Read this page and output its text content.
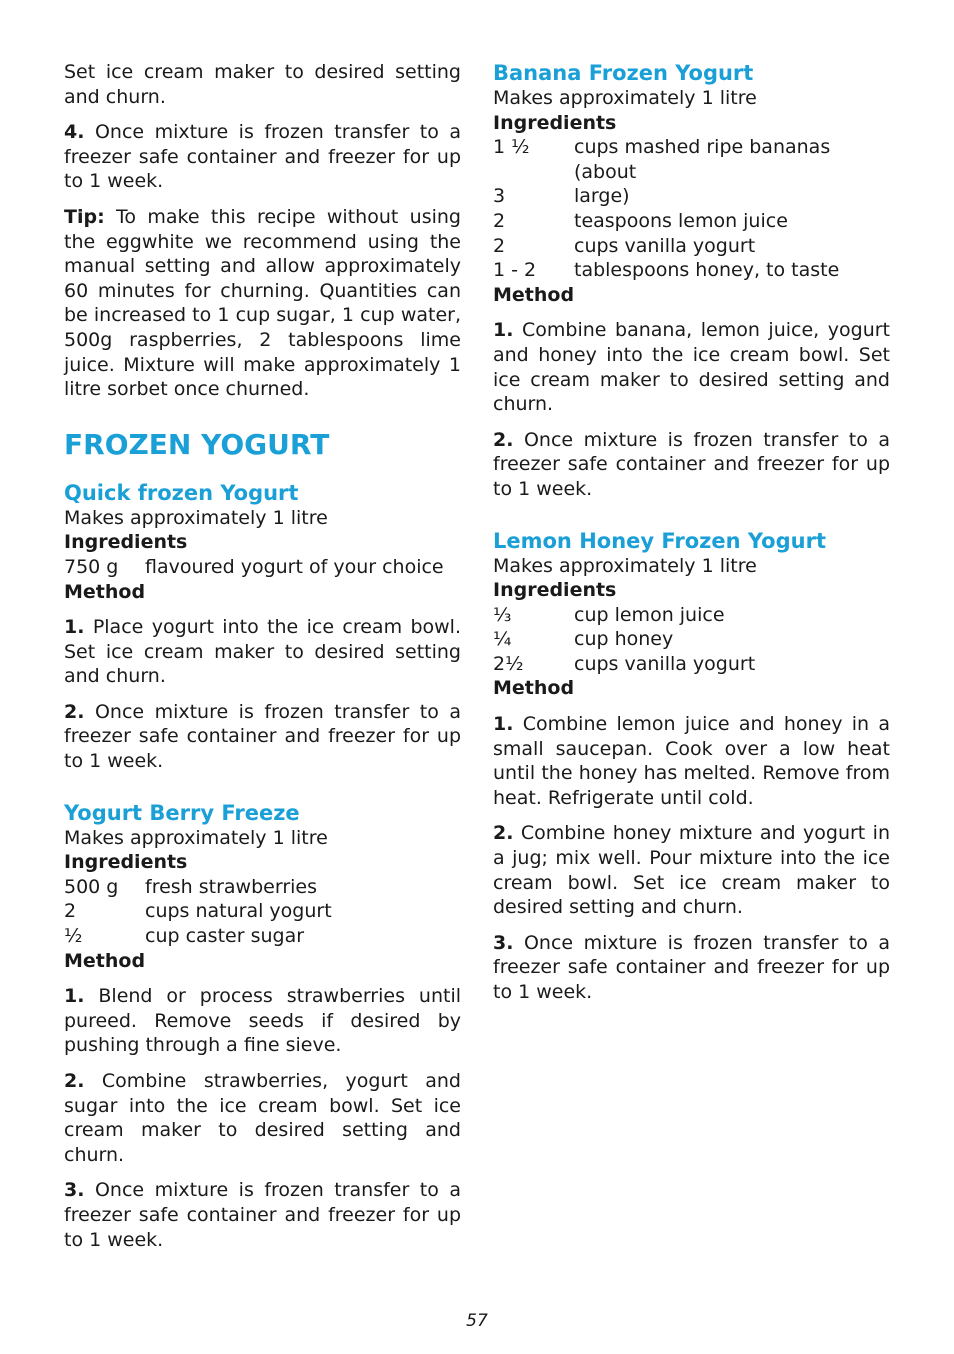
Set ice cream maker to desired setting and churn.

4. Once mixture is frozen transfer to a freezer safe container and freezer for up to 1 week.

Tip: To make this recipe without using the eggwhite we recommend using the manual setting and allow approximately 60 minutes for churning. Quantities can be increased to 1 cup sugar, 1 cup water, 500g raspberries, 2 tablespoons lime juice. Mixture will make approximately 1 litre sorbet once churned.

FROZEN YOGURT
Quick frozen Yogurt

Makes approximately 1 litre

Ingredients
750 g	flavoured yogurt of your choice
Method

1. Place yogurt into the ice cream bowl. Set ice cream maker to desired setting and churn.

2. Once mixture is frozen transfer to a freezer safe container and freezer for up to 1 week.

Yogurt Berry Freeze

Makes approximately 1 litre

Ingredients
500 g	fresh strawberries
2	cups natural yogurt
½	cup caster sugar
Method

1. Blend or process strawberries until pureed. Remove seeds if desired by pushing through a fine sieve.

2. Combine strawberries, yogurt and sugar into the ice cream bowl. Set ice cream maker to desired setting and churn.

3. Once mixture is frozen transfer to a freezer safe container and freezer for up to 1 week.

Banana Frozen Yogurt

Makes approximately 1 litre

Ingredients
1 ½	cups mashed ripe bananas (about
3	large)
2	teaspoons lemon juice
2	cups vanilla yogurt
1 - 2	tablespoons honey, to taste
Method

1. Combine banana, lemon juice, yogurt and honey into the ice cream bowl. Set ice cream maker to desired setting and churn.

2. Once mixture is frozen transfer to a freezer safe container and freezer for up to 1 week.

Lemon Honey Frozen Yogurt

Makes approximately 1 litre

Ingredients
⅓	cup lemon juice
¼	cup honey
2½	cups vanilla yogurt
Method

1. Combine lemon juice and honey in a small saucepan. Cook over a low heat until the honey has melted. Remove from heat. Refrigerate until cold.

2. Combine honey mixture and yogurt in a jug; mix well. Pour mixture into the ice cream bowl. Set ice cream maker to desired setting and churn.

3. Once mixture is frozen transfer to a freezer safe container and freezer for up to 1 week.

57
